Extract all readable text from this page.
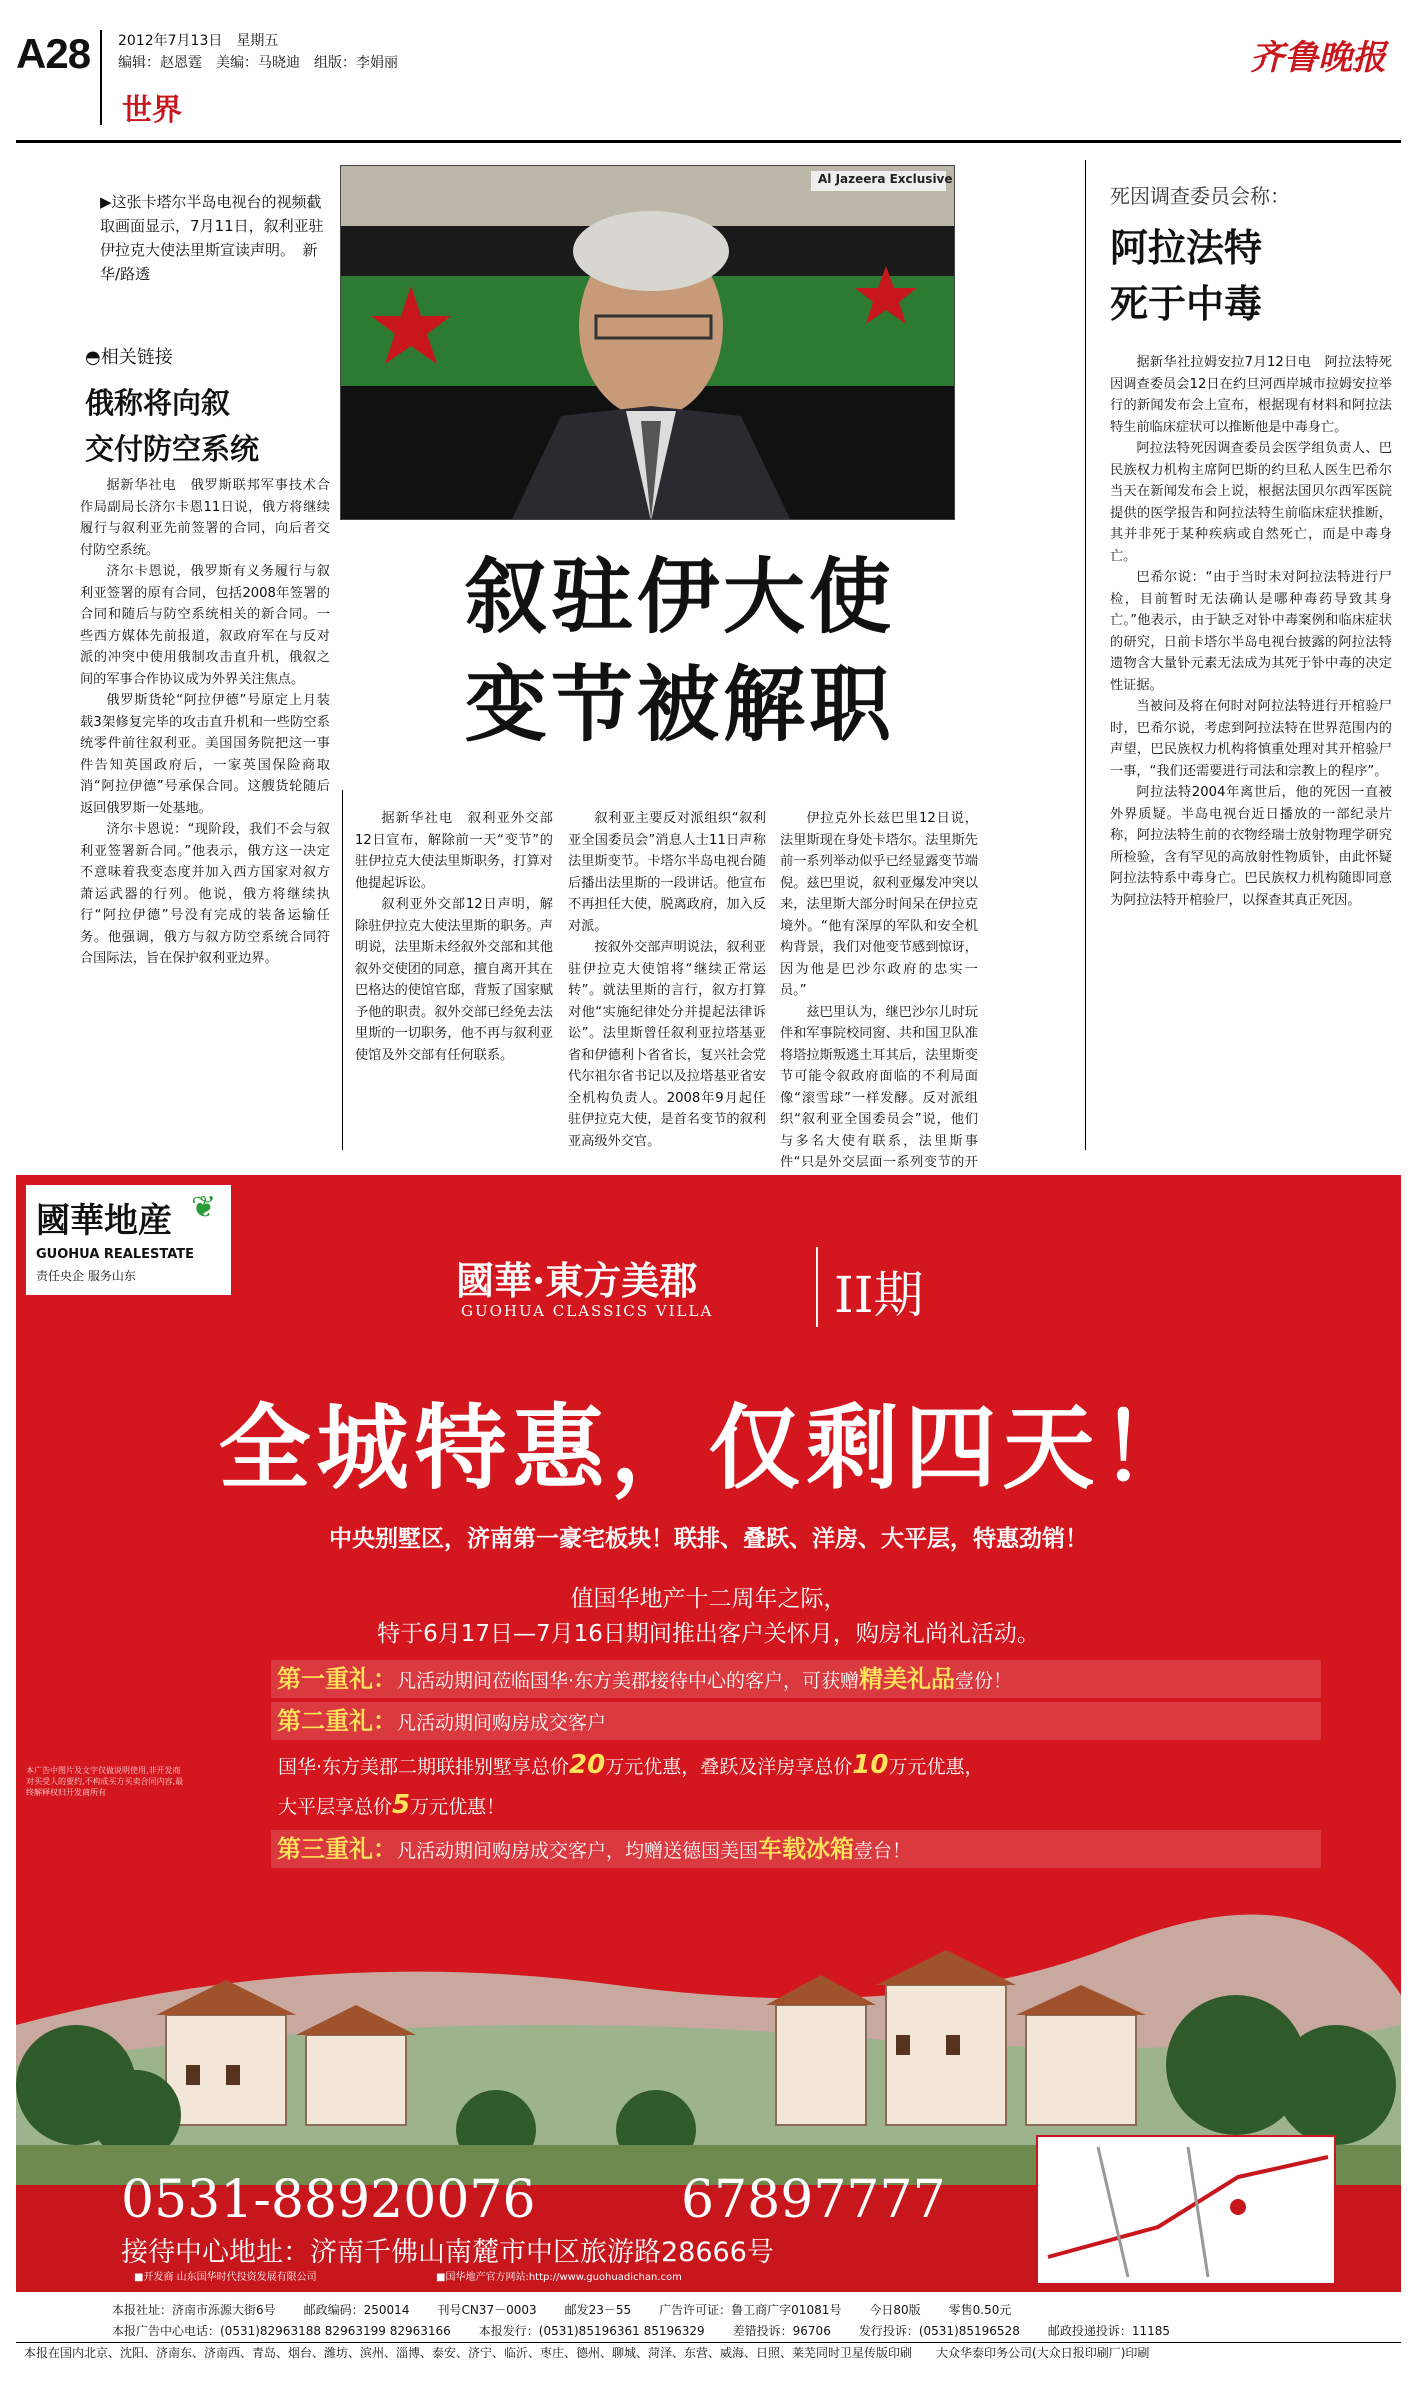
A28 2012年7月13日　星期五
编辑：赵恩霆　美编：马晓迪　组版：李娟丽
世界
齐鲁晚报
Al Jazeera Exclusive
▶这张卡塔尔半岛电视台的视频截取画面显示，7月11日，叙利亚驻伊拉克大使法里斯宣读声明。　新华/路透
◓相关链接
俄称将向叙
交付防空系统

据新华社电　俄罗斯联邦军事技术合作局副局长济尔卡恩11日说，俄方将继续履行与叙利亚先前签署的合同，向后者交付防空系统。

济尔卡恩说，俄罗斯有义务履行与叙利亚签署的原有合同，包括2008年签署的合同和随后与防空系统相关的新合同。一些西方媒体先前报道，叙政府军在与反对派的冲突中使用俄制攻击直升机，俄叙之间的军事合作协议成为外界关注焦点。

俄罗斯货轮“阿拉伊德”号原定上月装载3架修复完毕的攻击直升机和一些防空系统零件前往叙利亚。美国国务院把这一事件告知英国政府后，一家英国保险商取消“阿拉伊德”号承保合同。这艘货轮随后返回俄罗斯一处基地。

济尔卡恩说：“现阶段，我们不会与叙利亚签署新合同。”他表示，俄方这一决定不意味着我变态度并加入西方国家对叙方萧运武器的行列。他说，俄方将继续执行“阿拉伊德”号没有完成的装备运输任务。他强调，俄方与叙方防空系统合同符合国际法，旨在保护叙利亚边界。

叙驻伊大使
变节被解职

据新华社电　叙利亚外交部12日宣布，解除前一天“变节”的驻伊拉克大使法里斯职务，打算对他提起诉讼。

叙利亚外交部12日声明，解除驻伊拉克大使法里斯的职务。声明说，法里斯未经叙外交部和其他叙外交使团的同意，擅自离开其在巴格达的使馆官邸，背叛了国家赋予他的职责。叙外交部已经免去法里斯的一切职务，他不再与叙利亚使馆及外交部有任何联系。

叙利亚主要反对派组织“叙利亚全国委员会”消息人士11日声称法里斯变节。卡塔尔半岛电视台随后播出法里斯的一段讲话。他宣布不再担任大使，脱离政府，加入反对派。

按叙外交部声明说法，叙利亚驻伊拉克大使馆将“继续正常运转”。就法里斯的言行，叙方打算对他“实施纪律处分并提起法律诉讼”。法里斯曾任叙利亚拉塔基亚省和伊德利卜省省长，复兴社会党代尔祖尔省书记以及拉塔基亚省安全机构负责人。2008年9月起任驻伊拉克大使，是首名变节的叙利亚高级外交官。

伊拉克外长兹巴里12日说，法里斯现在身处卡塔尔。法里斯先前一系列举动似乎已经显露变节端倪。兹巴里说，叙利亚爆发冲突以来，法里斯大部分时间呆在伊拉克境外。“他有深厚的军队和安全机构背景，我们对他变节感到惊讶，因为他是巴沙尔政府的忠实一员。”

兹巴里认为，继巴沙尔儿时玩伴和军事院校同窗、共和国卫队准将塔拉斯叛逃土耳其后，法里斯变节可能令叙政府面临的不利局面像“滚雪球”一样发酵。反对派组织“叙利亚全国委员会”说，他们与多名大使有联系，法里斯事件“只是外交层面一系列变节的开

死因调查委员会称：
阿拉法特
死于中毒

据新华社拉姆安拉7月12日电　阿拉法特死因调查委员会12日在约旦河西岸城市拉姆安拉举行的新闻发布会上宣布，根据现有材料和阿拉法特生前临床症状可以推断他是中毒身亡。

阿拉法特死因调查委员会医学组负责人、巴民族权力机构主席阿巴斯的约旦私人医生巴希尔当天在新闻发布会上说，根据法国贝尔西军医院提供的医学报告和阿拉法特生前临床症状推断，其并非死于某种疾病或自然死亡，而是中毒身亡。

巴希尔说：“由于当时未对阿拉法特进行尸检，目前暂时无法确认是哪种毒药导致其身亡。”他表示，由于缺乏对钋中毒案例和临床症状的研究，日前卡塔尔半岛电视台披露的阿拉法特遗物含大量钋元素无法成为其死于钋中毒的决定性证据。

当被问及将在何时对阿拉法特进行开棺验尸时，巴希尔说，考虑到阿拉法特在世界范围内的声望，巴民族权力机构将慎重处理对其开棺验尸一事，“我们还需要进行司法和宗教上的程序”。

阿拉法特2004年离世后，他的死因一直被外界质疑。半岛电视台近日播放的一部纪录片称，阿拉法特生前的衣物经瑞士放射物理学研究所检验，含有罕见的高放射性物质钋，由此怀疑阿拉法特系中毒身亡。巴民族权力机构随即同意为阿拉法特开棺验尸，以探查其真正死因。

國華地産
GUOHUA REALESTATE
责任央企 服务山东
❦
國華·東方美郡
GUOHUA CLASSICS VILLA II期
全城特惠，仅剩四天！
中央别墅区，济南第一豪宅板块！联排、叠跃、洋房、大平层，特惠劲销！
值国华地产十二周年之际，
特于6月17日—7月16日期间推出客户关怀月，购房礼尚礼活动。
第一重礼：凡活动期间莅临国华·东方美郡接待中心的客户，可获赠精美礼品壹份！
第二重礼：凡活动期间购房成交客户
国华·东方美郡二期联排别墅享总价20万元优惠，叠跃及洋房享总价10万元优惠，
大平层享总价5万元优惠！
第三重礼：凡活动期间购房成交客户，均赠送德国美国车载冰箱壹台！
0531-88920076	67897777
接待中心地址：济南千佛山南麓市中区旅游路28666号
■开发商 山东国华时代投资发展有限公司	■国华地产官方网站:http://www.guohuadichan.com
本广告中图片及文字仅做说明使用,非开发商对买受人的要约,不构成买方买卖合同内容,最终解释权归开发商所有
本报社址：济南市泺源大街6号 邮政编码：250014 刊号CN37－0003 邮发23－55 广告许可证：鲁工商广字01081号 今日80版 零售0.50元
本报广告中心电话：(0531)82963188 82963199 82963166 本报发行：(0531)85196361 85196329 差错投诉：96706 发行投诉：(0531)85196528 邮政投递投诉：11185
本报在国内北京、沈阳、济南东、济南西、青岛、烟台、潍坊、滨州、淄博、泰安、济宁、临沂、枣庄、德州、聊城、菏泽、东营、威海、日照、莱芜同时卫星传版印刷　　大众华泰印务公司(大众日报印刷厂)印刷
